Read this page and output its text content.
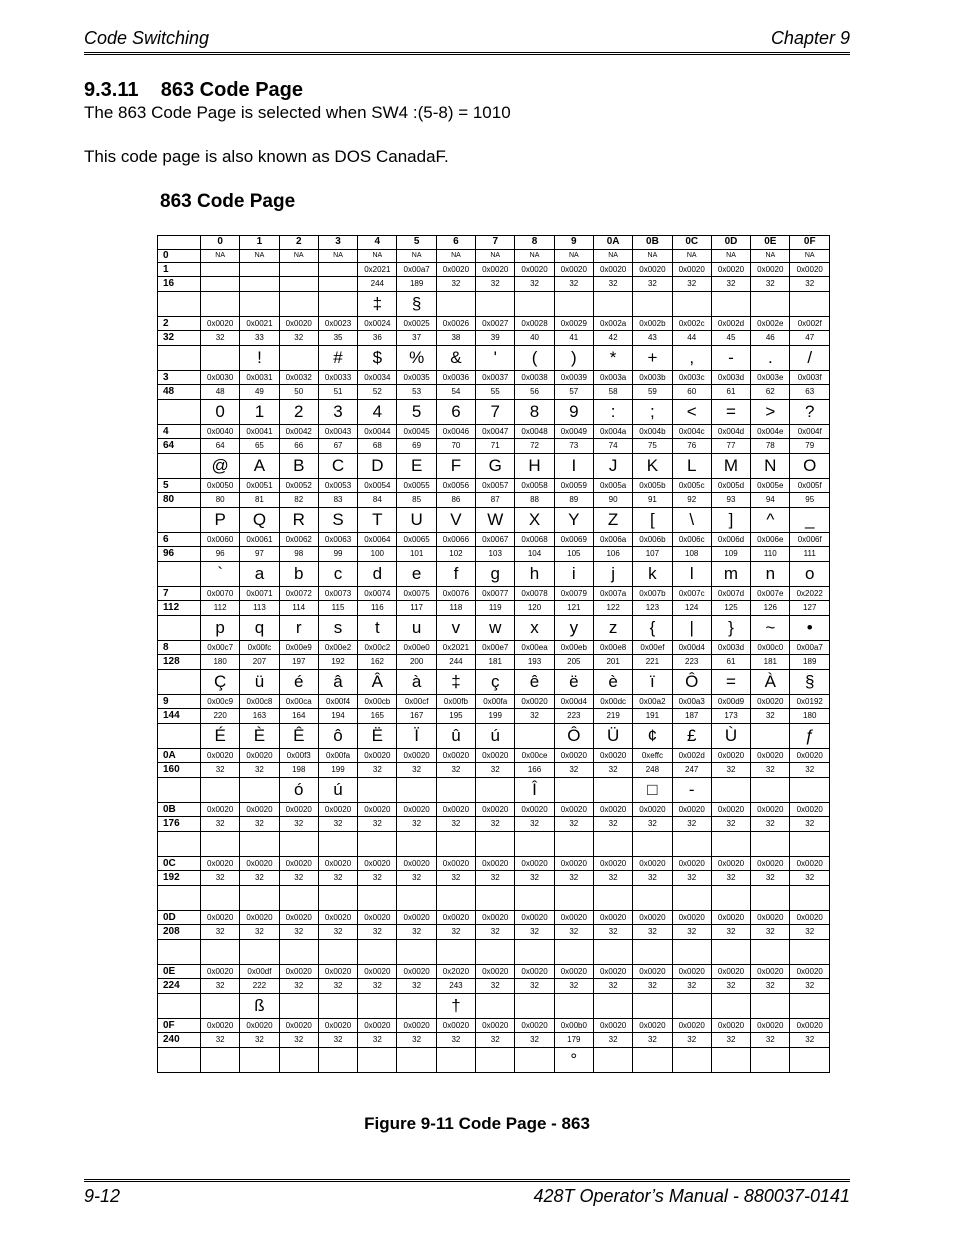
Code Switching	Chapter 9
9.3.11    863 Code Page
The 863 Code Page is selected when SW4 :(5-8) = 1010
This code page is also known as DOS CanadaF.
863 Code Page
	0	1	2	3	4	5	6	7	8	9	0A	0B	0C	0D	0E	0F
0	NA	NA	NA	NA	NA	NA	NA	NA	NA	NA	NA	NA	NA	NA	NA	NA
1					0x2021	0x00a7	0x0020	0x0020	0x0020	0x0020	0x0020	0x0020	0x0020	0x0020	0x0020	0x0020
16					244	189	32	32	32	32	32	32	32	32	32	32
					‡	§										
2	0x0020	0x0021	0x0020	0x0023	0x0024	0x0025	0x0026	0x0027	0x0028	0x0029	0x002a	0x002b	0x002c	0x002d	0x002e	0x002f
32	32	33	32	35	36	37	38	39	40	41	42	43	44	45	46	47
		!		#	$	%	&	'	(	)	*	+	,	-	.	/
3	0x0030	0x0031	0x0032	0x0033	0x0034	0x0035	0x0036	0x0037	0x0038	0x0039	0x003a	0x003b	0x003c	0x003d	0x003e	0x003f
48	48	49	50	51	52	53	54	55	56	57	58	59	60	61	62	63
	0	1	2	3	4	5	6	7	8	9	:	;	<	=	>	?
4	0x0040	0x0041	0x0042	0x0043	0x0044	0x0045	0x0046	0x0047	0x0048	0x0049	0x004a	0x004b	0x004c	0x004d	0x004e	0x004f
64	64	65	66	67	68	69	70	71	72	73	74	75	76	77	78	79
	@	A	B	C	D	E	F	G	H	I	J	K	L	M	N	O
5	0x0050	0x0051	0x0052	0x0053	0x0054	0x0055	0x0056	0x0057	0x0058	0x0059	0x005a	0x005b	0x005c	0x005d	0x005e	0x005f
80	80	81	82	83	84	85	86	87	88	89	90	91	92	93	94	95
	P	Q	R	S	T	U	V	W	X	Y	Z	[	\	]	^	_
6	0x0060	0x0061	0x0062	0x0063	0x0064	0x0065	0x0066	0x0067	0x0068	0x0069	0x006a	0x006b	0x006c	0x006d	0x006e	0x006f
96	96	97	98	99	100	101	102	103	104	105	106	107	108	109	110	111
	`	a	b	c	d	e	f	g	h	i	j	k	l	m	n	o
7	0x0070	0x0071	0x0072	0x0073	0x0074	0x0075	0x0076	0x0077	0x0078	0x0079	0x007a	0x007b	0x007c	0x007d	0x007e	0x2022
112	112	113	114	115	116	117	118	119	120	121	122	123	124	125	126	127
	p	q	r	s	t	u	v	w	x	y	z	{	|	}	~	•
8	0x00c7	0x00fc	0x00e9	0x00e2	0x00c2	0x00e0	0x2021	0x00e7	0x00ea	0x00eb	0x00e8	0x00ef	0x00d4	0x003d	0x00c0	0x00a7
128	180	207	197	192	162	200	244	181	193	205	201	221	223	61	181	189
	Ç	ü	é	â	Â	à	‡	ç	ê	ë	è	ï	Ô	=	À	§
9	0x00c9	0x00c8	0x00ca	0x00f4	0x00cb	0x00cf	0x00fb	0x00fa	0x0020	0x00d4	0x00dc	0x00a2	0x00a3	0x00d9	0x0020	0x0192
144	220	163	164	194	165	167	195	199	32	223	219	191	187	173	32	180
	É	È	Ê	ô	Ë	Ï	û	ú		Ô	Ü	¢	£	Ù		ƒ
0A	0x0020	0x0020	0x00f3	0x00fa	0x0020	0x0020	0x0020	0x0020	0x00ce	0x0020	0x0020	0xeffc	0x002d	0x0020	0x0020	0x0020
160	32	32	198	199	32	32	32	32	166	32	32	248	247	32	32	32
			ó	ú					Î			□	-			
0B	0x0020	0x0020	0x0020	0x0020	0x0020	0x0020	0x0020	0x0020	0x0020	0x0020	0x0020	0x0020	0x0020	0x0020	0x0020	0x0020
176	32	32	32	32	32	32	32	32	32	32	32	32	32	32	32	32

0C	0x0020	0x0020	0x0020	0x0020	0x0020	0x0020	0x0020	0x0020	0x0020	0x0020	0x0020	0x0020	0x0020	0x0020	0x0020	0x0020
192	32	32	32	32	32	32	32	32	32	32	32	32	32	32	32	32

0D	0x0020	0x0020	0x0020	0x0020	0x0020	0x0020	0x0020	0x0020	0x0020	0x0020	0x0020	0x0020	0x0020	0x0020	0x0020	0x0020
208	32	32	32	32	32	32	32	32	32	32	32	32	32	32	32	32

0E	0x0020	0x00df	0x0020	0x0020	0x0020	0x0020	0x2020	0x0020	0x0020	0x0020	0x0020	0x0020	0x0020	0x0020	0x0020	0x0020
224	32	222	32	32	32	32	243	32	32	32	32	32	32	32	32	32
		ß					†									
0F	0x0020	0x0020	0x0020	0x0020	0x0020	0x0020	0x0020	0x0020	0x0020	0x00b0	0x0020	0x0020	0x0020	0x0020	0x0020	0x0020
240	32	32	32	32	32	32	32	32	32	179	32	32	32	32	32	32
										°						
Figure 9-11 Code Page - 863
9-12	428T Operator’s Manual - 880037-0141
